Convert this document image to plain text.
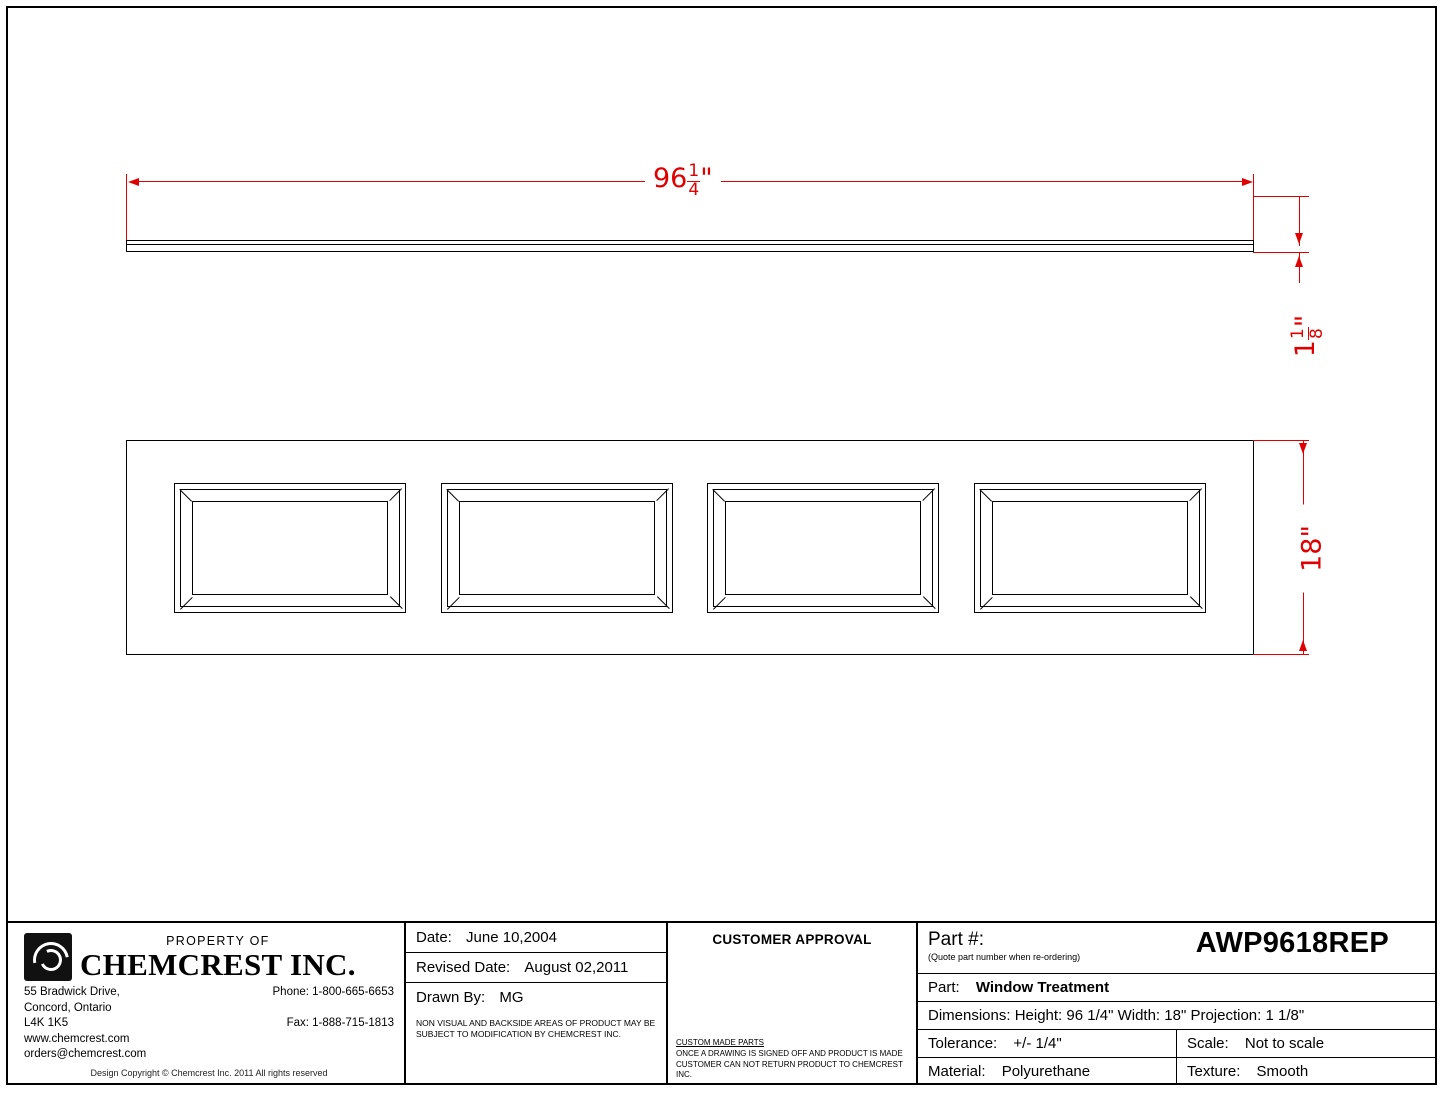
$96 \frac{1}{4}$ "
1
1
8
"
18"
PROPERTY OF
CHEMCREST INC.
55 Bradwick Drive,	Phone: 1-800-665-6653
Concord, Ontario

L4K 1K5	Fax: 1-888-715-1813
www.chemcrest.com

orders@chemcrest.com

Design Copyright © Chemcrest Inc. 2011 All rights reserved
Date: June 10,2004
Revised Date: August 02,2011
Drawn By: MG
NON VISUAL AND BACKSIDE AREAS OF PRODUCT MAY BE SUBJECT TO MODIFICATION BY CHEMCREST INC.
CUSTOMER APPROVAL
CUSTOM MADE PARTS
ONCE A DRAWING IS SIGNED OFF AND PRODUCT IS MADE CUSTOMER CAN NOT RETURN PRODUCT TO CHEMCREST INC.
Part #:
(Quote part number when re-ordering)	AWP9618REP
Part: Window Treatment
Dimensions: Height: 96 1/4" Width: 18" Projection: 1 1/8"
Tolerance: +/- 1/4"	Scale: Not to scale
Material: Polyurethane	Texture: Smooth
